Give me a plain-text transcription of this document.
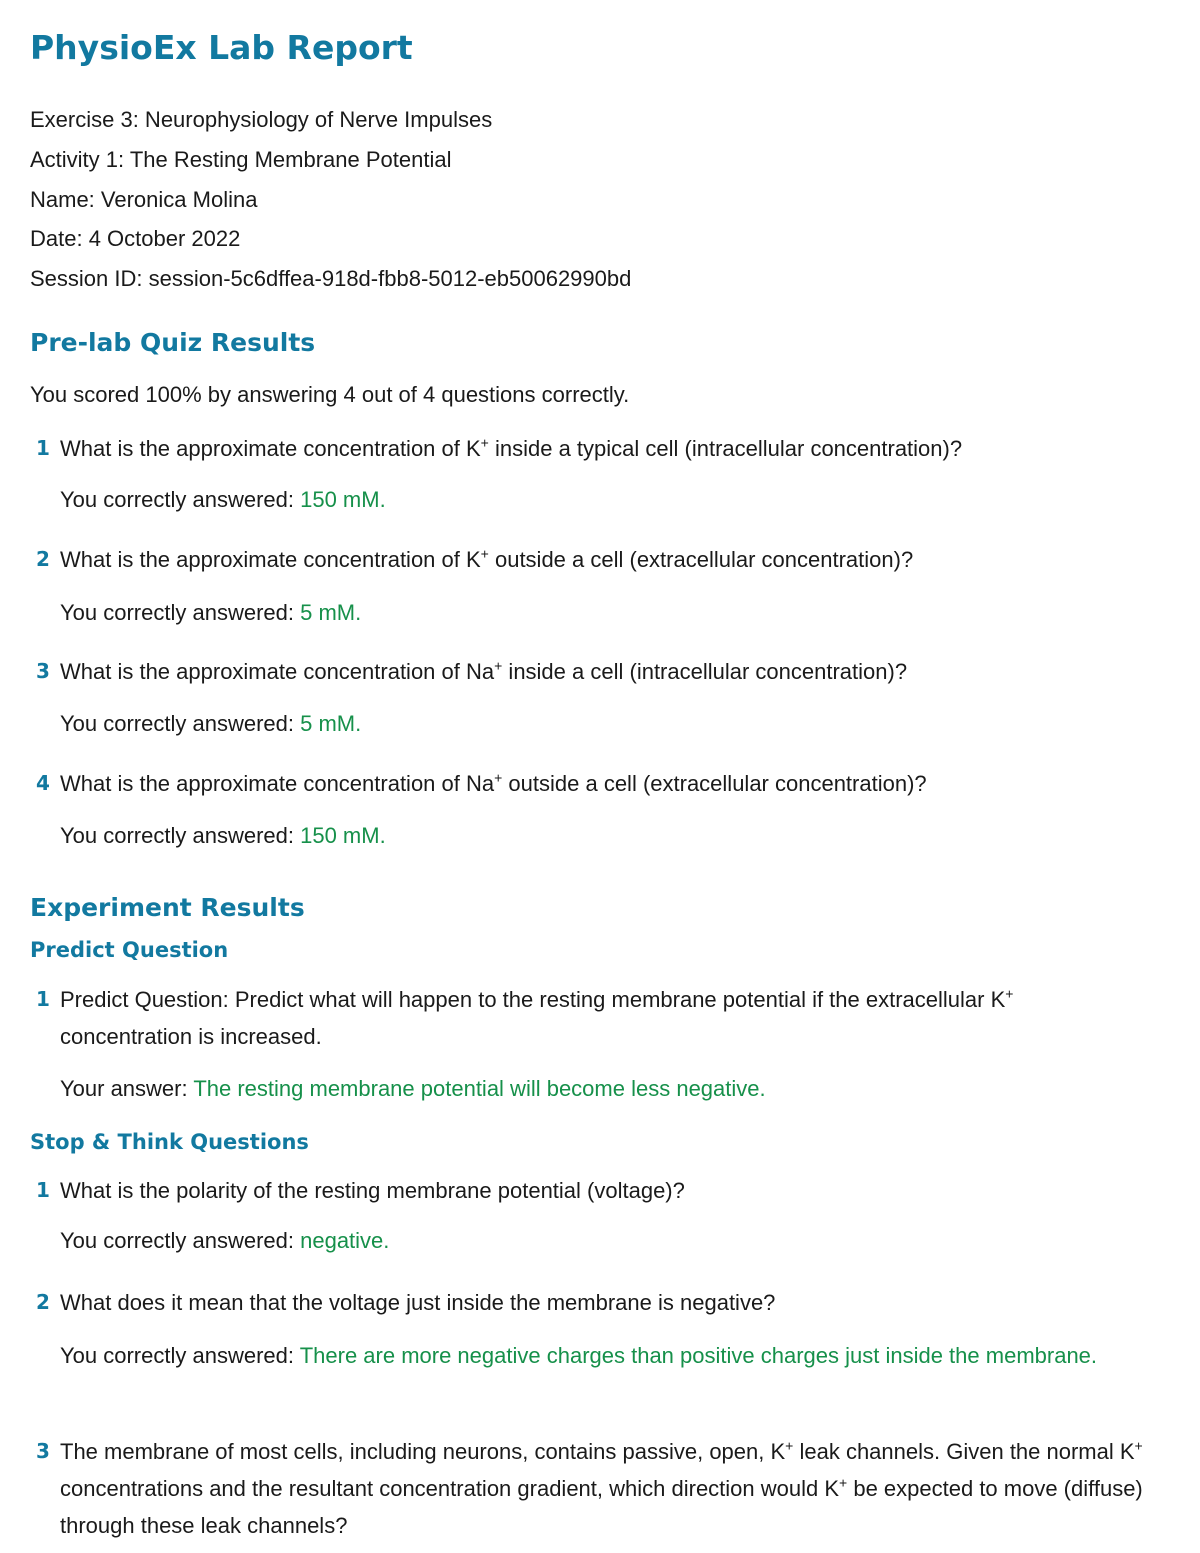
PhysioEx Lab Report
Exercise 3: Neurophysiology of Nerve Impulses
Activity 1: The Resting Membrane Potential
Name: Veronica Molina
Date: 4 October 2022
Session ID: session-5c6dffea-918d-fbb8-5012-eb50062990bd
Pre-lab Quiz Results
You scored 100% by answering 4 out of 4 questions correctly.
1 What is the approximate concentration of K+ inside a typical cell (intracellular concentration)?
You correctly answered: 150 mM.
2 What is the approximate concentration of K+ outside a cell (extracellular concentration)?
You correctly answered: 5 mM.
3 What is the approximate concentration of Na+ inside a cell (intracellular concentration)?
You correctly answered: 5 mM.
4 What is the approximate concentration of Na+ outside a cell (extracellular concentration)?
You correctly answered: 150 mM.
Experiment Results
Predict Question
1 Predict Question: Predict what will happen to the resting membrane potential if the extracellular K+
concentration is increased.
Your answer: The resting membrane potential will become less negative.
Stop & Think Questions
1 What is the polarity of the resting membrane potential (voltage)?
You correctly answered: negative.
2 What does it mean that the voltage just inside the membrane is negative?
You correctly answered: There are more negative charges than positive charges just inside the membrane.
3 The membrane of most cells, including neurons, contains passive, open, K+ leak channels. Given the normal K+ concentrations and the resultant concentration gradient, which direction would K+ be expected to move (diffuse) through these leak channels?
